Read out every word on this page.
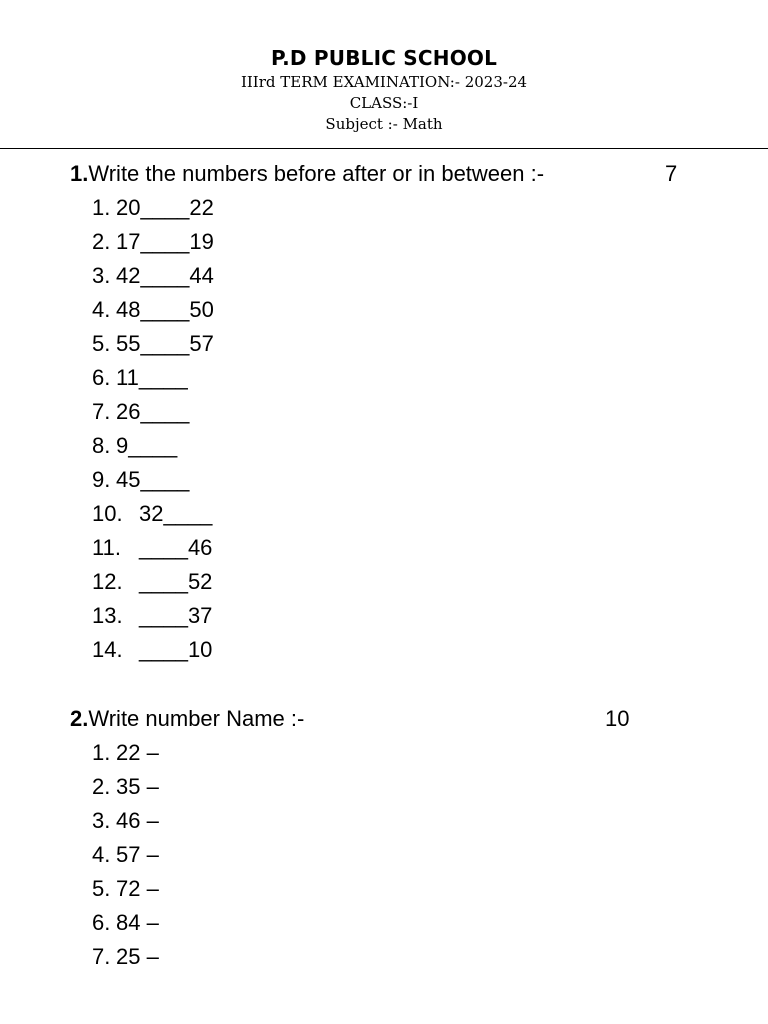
P.D PUBLIC SCHOOL
IIIrd TERM EXAMINATION:- 2023-24
CLASS:-I
Subject :- Math
1.Write the numbers before after or in between :-	7
1. 20____22
2. 17____19
3. 42____44
4. 48____50
5. 55____57
6. 11____
7. 26____
8. 9____
9. 45____
10. 32____
11. ____46
12. ____52
13. ____37
14. ____10
2.Write number Name :-	10
1. 22 –
2. 35 –
3. 46 –
4. 57 –
5. 72 –
6. 84 –
7. 25 –
